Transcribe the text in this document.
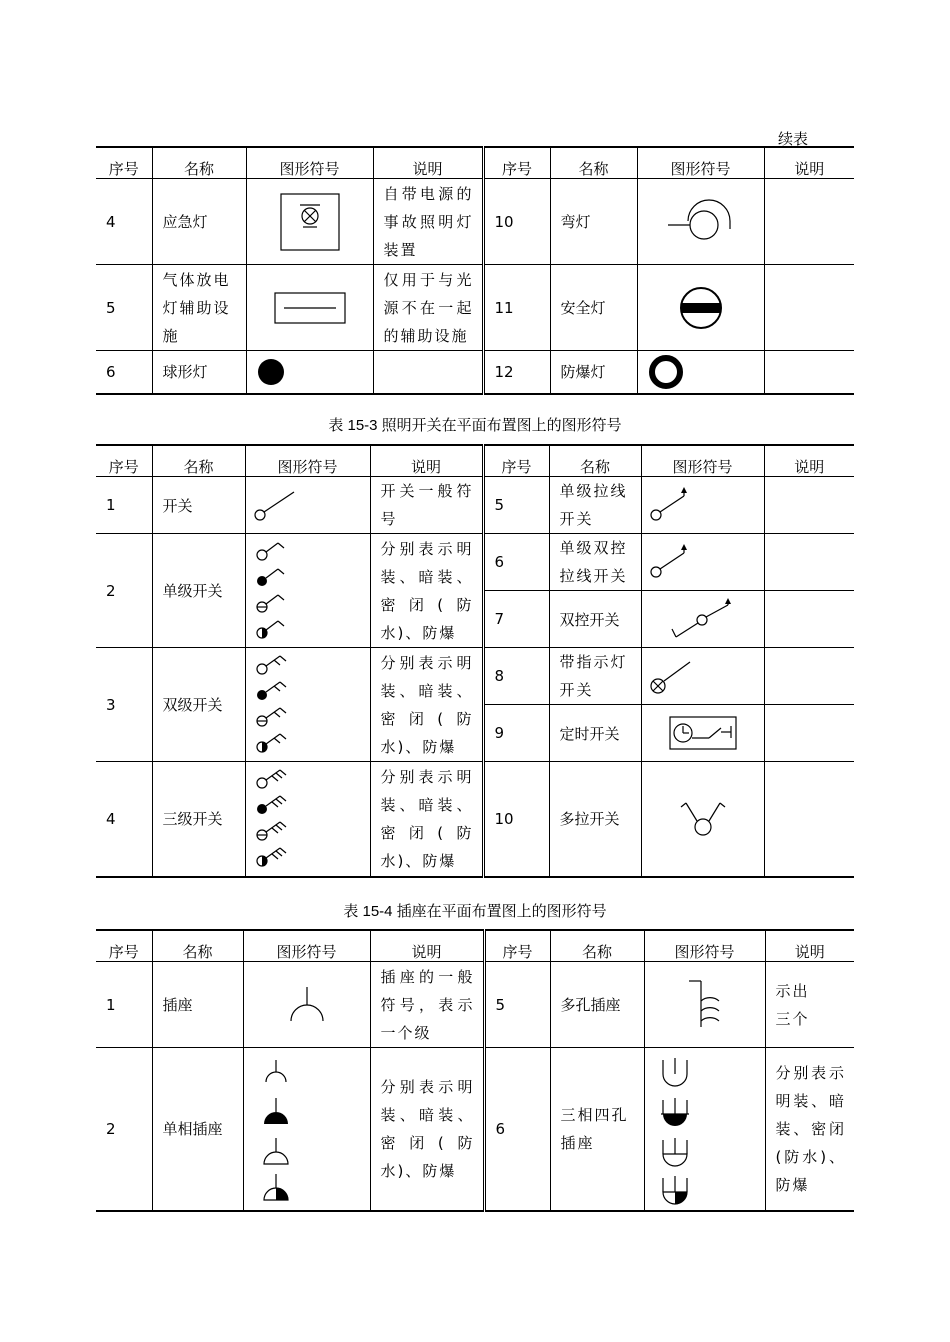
续表
序号	名称	图形符号	说明	序号	名称	图形符号	说明
4	应急灯		自带电源的事故照明灯装置	10	弯灯	

5	气体放电灯辅助设施		仅用于与光源不在一起的辅助设施	11	安全灯	

6	球形灯			12	防爆灯	

表 15-3 照明开关在平面布置图上的图形符号
序号	名称	图形符号	说明	序号	名称	图形符号	说明
1	开关		开关一般符号	5	单级拉线开关	

2	单级开关		分别表示明装、暗装、密闭(防水)、防爆	6	单级双控拉线开关	

				7	双控开关	

3	双级开关		分别表示明装、暗装、密闭(防水)、防爆	8	带指示灯开关	

				9	定时开关	

4	三级开关		分别表示明装、暗装、密闭(防水)、防爆	10	多拉开关	

表 15-4 插座在平面布置图上的图形符号
序号	名称	图形符号	说明	序号	名称	图形符号	说明
1	插座		插座的一般符号，表示一个级	5	多孔插座		示出
三个
2	单相插座		分别表示明装、暗装、密闭(防水)、防爆	6	三相四孔插座		分别表示明装、暗装、密闭(防水)、防爆
